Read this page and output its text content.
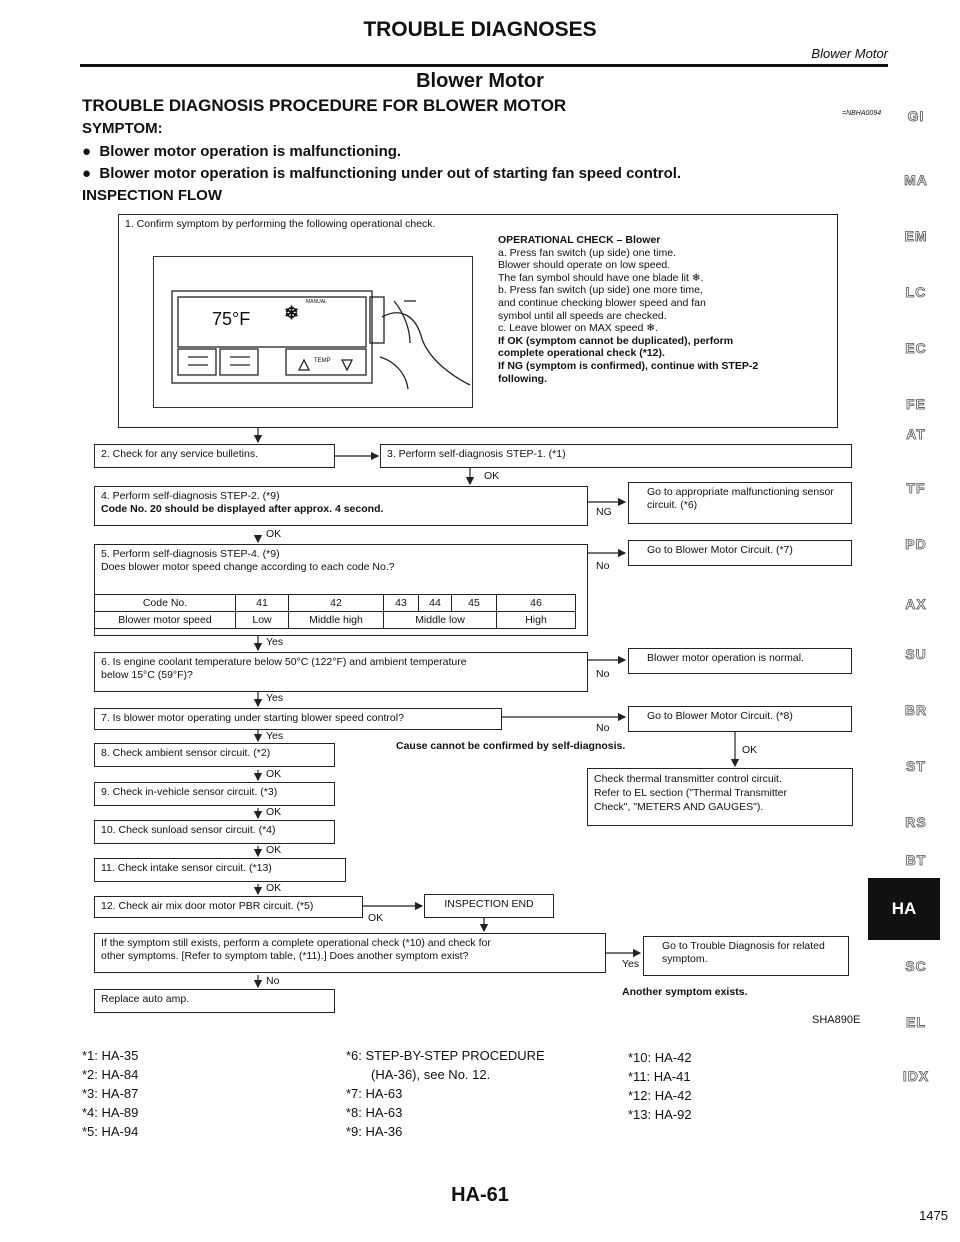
TROUBLE DIAGNOSES
Blower Motor
Blower Motor
TROUBLE DIAGNOSIS PROCEDURE FOR BLOWER MOTOR	=NBHA0094
SYMPTOM:
●  Blower motor operation is malfunctioning.
●  Blower motor operation is malfunctioning under out of starting fan speed control.
INSPECTION FLOW
1. Confirm symptom by performing the following operational check.
75°F ❄
MANUAL
TEMP
OPERATIONAL CHECK – Blower
a. Press fan switch (up side) one time.
Blower should operate on low speed.
The fan symbol should have one blade lit ❄.
b. Press fan switch (up side) one more time,
and continue checking blower speed and fan
symbol until all speeds are checked.
c. Leave blower on MAX speed ❄.
If OK (symptom cannot be duplicated), perform
complete operational check (*12).
If NG (symptom is confirmed), continue with STEP-2
following.
2. Check for any service bulletins.	3. Perform self-diagnosis STEP-1. (*1)
OK
4. Perform self-diagnosis STEP-2. (*9)
Code No. 20 should be displayed after approx. 4 second.	NG
Go to appropriate malfunctioning sensor circuit. (*6)
OK
5. Perform self-diagnosis STEP-4. (*9)
Does blower motor speed change according to each code No.?
Code No.	41	42	43	44	45	46
Blower motor speed	Low	Middle high	Middle low			High
No
Go to Blower Motor Circuit. (*7)
Yes
6. Is engine coolant temperature below 50°C (122°F) and ambient temperature
below 15°C (59°F)?	No
Blower motor operation is normal.
Yes
7. Is blower motor operating under starting blower speed control?
No
Go to Blower Motor Circuit. (*8)
Yes
Cause cannot be confirmed by self-diagnosis.	OK
8. Check ambient sensor circuit. (*2)
Check thermal transmitter control circuit.
Refer to EL section ("Thermal Transmitter
Check", "METERS AND GAUGES").
OK
9. Check in-vehicle sensor circuit. (*3)
OK
10. Check sunload sensor circuit. (*4)
OK
11. Check intake sensor circuit. (*13)
OK
12. Check air mix door motor PBR circuit. (*5)
OK
INSPECTION END
If the symptom still exists, perform a complete operational check (*10) and check for
other symptoms. [Refer to symptom table, (*11).] Does another symptom exist?
Yes
Go to Trouble Diagnosis for related symptom.
Another symptom exists.
No
Replace auto amp.
SHA890E
*1: HA-35
*2: HA-84
*3: HA-87
*4: HA-89
*5: HA-94
*6: STEP-BY-STEP PROCEDURE
(HA-36), see No. 12.
*7: HA-63
*8: HA-63
*9: HA-36
*10: HA-42
*11: HA-41
*12: HA-42
*13: HA-92
HA-61
1475
GI
MA
EM
LC
EC
FE
AT
TF
PD
AX
SU
BR
ST
RS
BT
HA
SC
EL
IDX
